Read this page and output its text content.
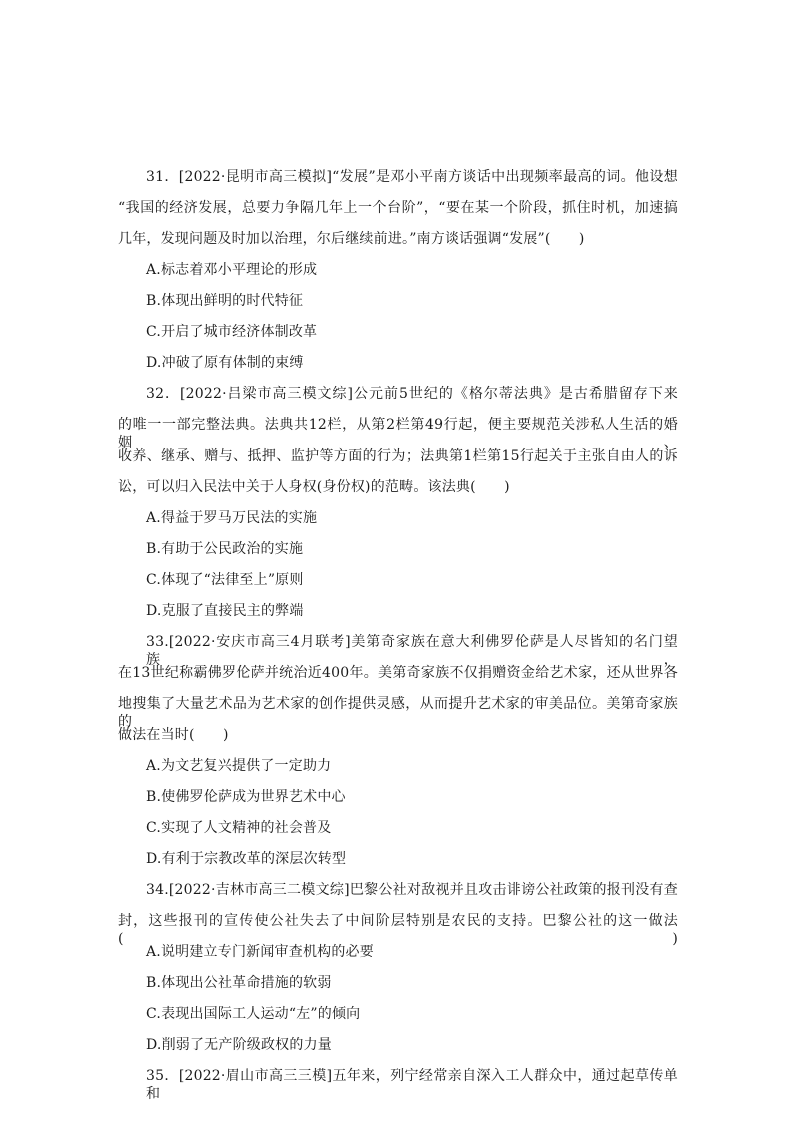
31．[2022·昆明市高三模拟]“发展”是邓小平南方谈话中出现频率最高的词。他设想
“我国的经济发展，总要力争隔几年上一个台阶”，“要在某一个阶段，抓住时机，加速搞
几年，发现问题及时加以治理，尔后继续前进。”南方谈话强调“发展”(　　)
A.标志着邓小平理论的形成
B.体现出鲜明的时代特征
C.开启了城市经济体制改革
D.冲破了原有体制的束缚
32．[2022·吕梁市高三模文综]公元前5世纪的《格尔蒂法典》是古希腊留存下来
的唯一一部完整法典。法典共12栏，从第2栏第49行起，便主要规范关涉私人生活的婚姻、
收养、继承、赠与、抵押、监护等方面的行为；法典第1栏第15行起关于主张自由人的诉
讼，可以归入民法中关于人身权(身份权)的范畴。该法典(　　)
A.得益于罗马万民法的实施
B.有助于公民政治的实施
C.体现了“法律至上”原则
D.克服了直接民主的弊端
33.[2022·安庆市高三4月联考]美第奇家族在意大利佛罗伦萨是人尽皆知的名门望族，
在13世纪称霸佛罗伦萨并统治近400年。美第奇家族不仅捐赠资金给艺术家，还从世界各
地搜集了大量艺术品为艺术家的创作提供灵感，从而提升艺术家的审美品位。美第奇家族的
做法在当时(　　)
A.为文艺复兴提供了一定助力
B.使佛罗伦萨成为世界艺术中心
C.实现了人文精神的社会普及
D.有利于宗教改革的深层次转型
34.[2022·吉林市高三二模文综]巴黎公社对敌视并且攻击诽谤公社政策的报刊没有查
封，这些报刊的宣传使公社失去了中间阶层特别是农民的支持。巴黎公社的这一做法(　　)
A.说明建立专门新闻审查机构的必要
B.体现出公社革命措施的软弱
C.表现出国际工人运动“左”的倾向
D.削弱了无产阶级政权的力量
35．[2022·眉山市高三三模]五年来，列宁经常亲自深入工人群众中，通过起草传单和
